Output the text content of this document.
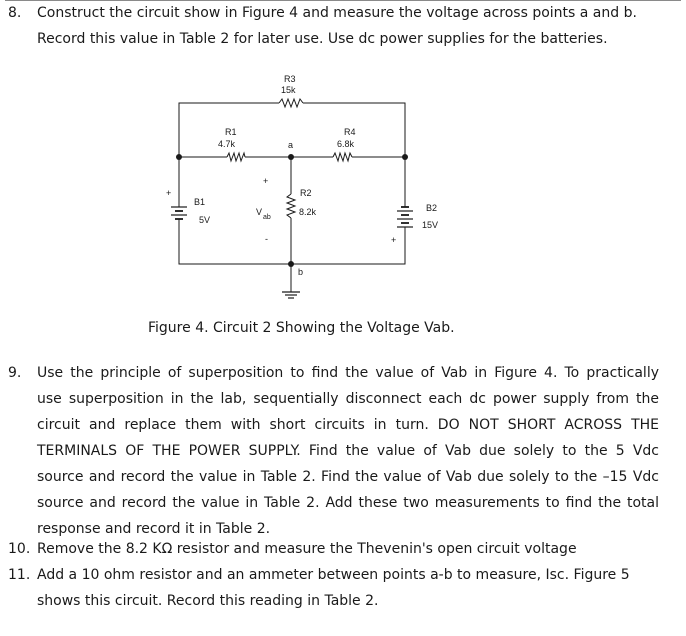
8. Construct the circuit show in Figure 4 and measure the voltage across points a and b.
Record this value in Table 2 for later use. Use dc power supplies for the batteries.
R3
15k
R1
4.7k
R4
6.8k
a
b
R2
8.2k
+
B1
5V
B2
15V
+
+
V
ab
-
Figure 4. Circuit 2 Showing the Voltage Vab.
9. Use the principle of superposition to find the value of Vab in Figure 4. To practically
use superposition in the lab, sequentially disconnect each dc power supply from the
circuit and replace them with short circuits in turn. DO NOT SHORT ACROSS THE
TERMINALS OF THE POWER SUPPLY. Find the value of Vab due solely to the 5 Vdc
source and record the value in Table 2. Find the value of Vab due solely to the –15 Vdc
source and record the value in Table 2. Add these two measurements to find the total
response and record it in Table 2.
10. Remove the 8.2 KΩ resistor and measure the Thevenin's open circuit voltage
11. Add a 10 ohm resistor and an ammeter between points a-b to measure, Isc. Figure 5
shows this circuit. Record this reading in Table 2.
